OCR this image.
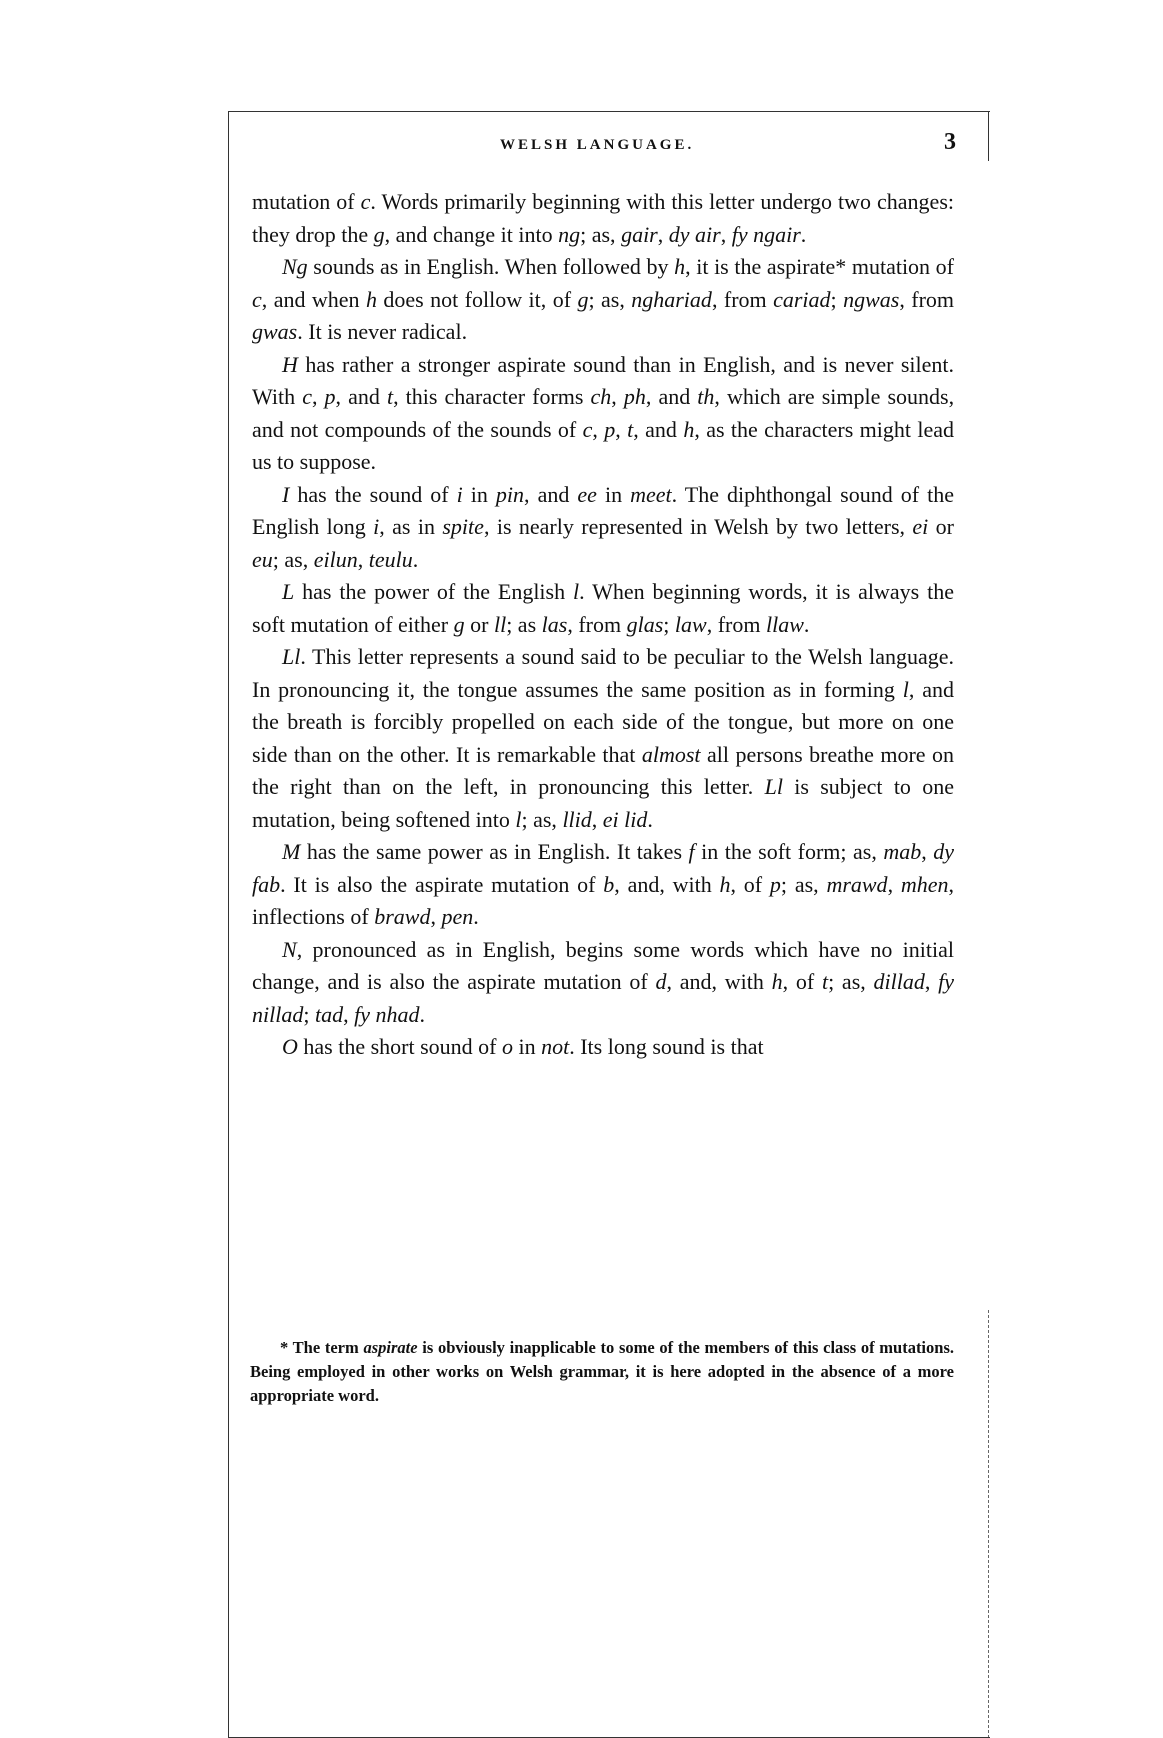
WELSH LANGUAGE.	3

mutation of c. Words primarily beginning with this letter undergo two changes: they drop the g, and change it into ng; as, gair, dy air, fy ngair.

Ng sounds as in English. When followed by h, it is the aspirate* mutation of c, and when h does not follow it, of g; as, nghariad, from cariad; ngwas, from gwas. It is never radical.

H has rather a stronger aspirate sound than in English, and is never silent. With c, p, and t, this character forms ch, ph, and th, which are simple sounds, and not compounds of the sounds of c, p, t, and h, as the characters might lead us to suppose.

I has the sound of i in pin, and ee in meet. The diphthongal sound of the English long i, as in spite, is nearly represented in Welsh by two letters, ei or eu; as, eilun, teulu.

L has the power of the English l. When beginning words, it is always the soft mutation of either g or ll; as las, from glas; law, from llaw.

Ll. This letter represents a sound said to be peculiar to the Welsh language. In pronouncing it, the tongue assumes the same position as in forming l, and the breath is forcibly propelled on each side of the tongue, but more on one side than on the other. It is remarkable that almost all persons breathe more on the right than on the left, in pronouncing this letter. Ll is subject to one mutation, being softened into l; as, llid, ei lid.

M has the same power as in English. It takes f in the soft form; as, mab, dy fab. It is also the aspirate mutation of b, and, with h, of p; as, mrawd, mhen, inflections of brawd, pen.

N, pronounced as in English, begins some words which have no initial change, and is also the aspirate mutation of d, and, with h, of t; as, dillad, fy nillad; tad, fy nhad.

O has the short sound of o in not. Its long sound is that

* The term aspirate is obviously inapplicable to some of the members of this class of mutations. Being employed in other works on Welsh grammar, it is here adopted in the absence of a more appropriate word.
